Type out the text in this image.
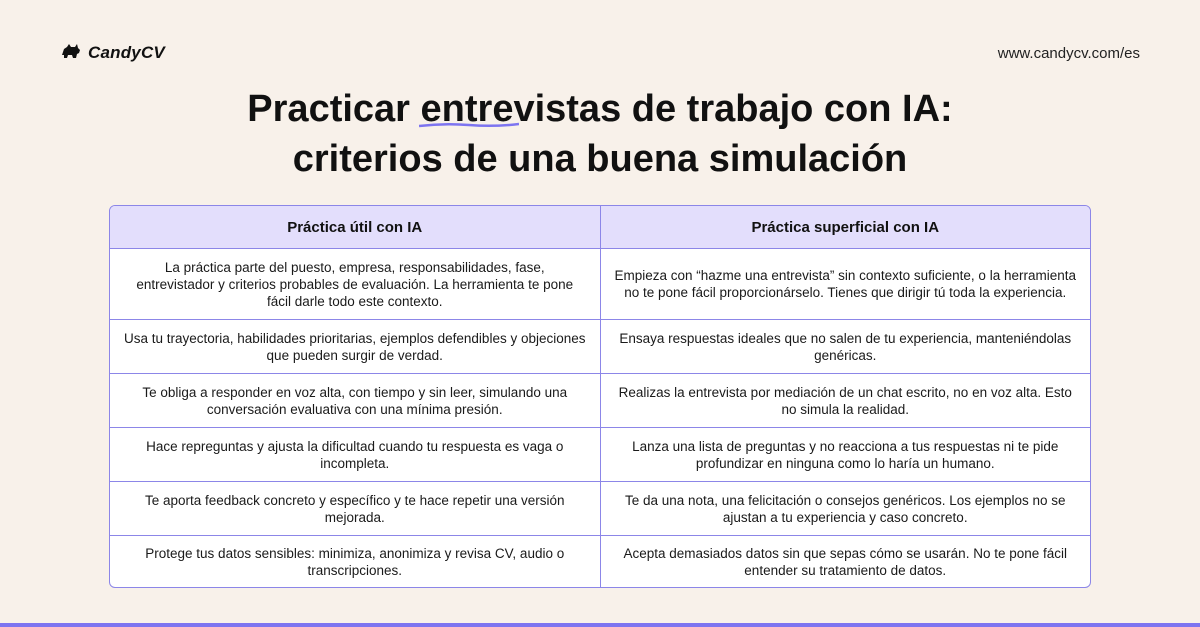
CandyCV	www.candycv.com/es
Practicar entrevistas de trabajo con IA
:
criterios de una buena simulación
Práctica útil con IA	Práctica superficial con IA
La práctica parte del puesto, empresa, responsabilidades, fase, entrevistador y criterios probables de evaluación. La herramienta te pone fácil darle todo este contexto.	Empieza con “hazme una entrevista” sin contexto suficiente, o la herramienta no te pone fácil proporcionárselo. Tienes que dirigir tú toda la experiencia.
Usa tu trayectoria, habilidades prioritarias, ejemplos defendibles y objeciones que pueden surgir de verdad.	Ensaya respuestas ideales que no salen de tu experiencia, manteniéndolas genéricas.
Te obliga a responder en voz alta, con tiempo y sin leer, simulando una conversación evaluativa con una mínima presión.	Realizas la entrevista por mediación de un chat escrito, no en voz alta. Esto no simula la realidad.
Hace repreguntas y ajusta la dificultad cuando tu respuesta es vaga o incompleta.	Lanza una lista de preguntas y no reacciona a tus respuestas ni te pide profundizar en ninguna como lo haría un humano.
Te aporta feedback concreto y específico y te hace repetir una versión mejorada.	Te da una nota, una felicitación o consejos genéricos. Los ejemplos no se ajustan a tu experiencia y caso concreto.
Protege tus datos sensibles: minimiza, anonimiza y revisa CV, audio o transcripciones.	Acepta demasiados datos sin que sepas cómo se usarán. No te pone fácil entender su tratamiento de datos.
